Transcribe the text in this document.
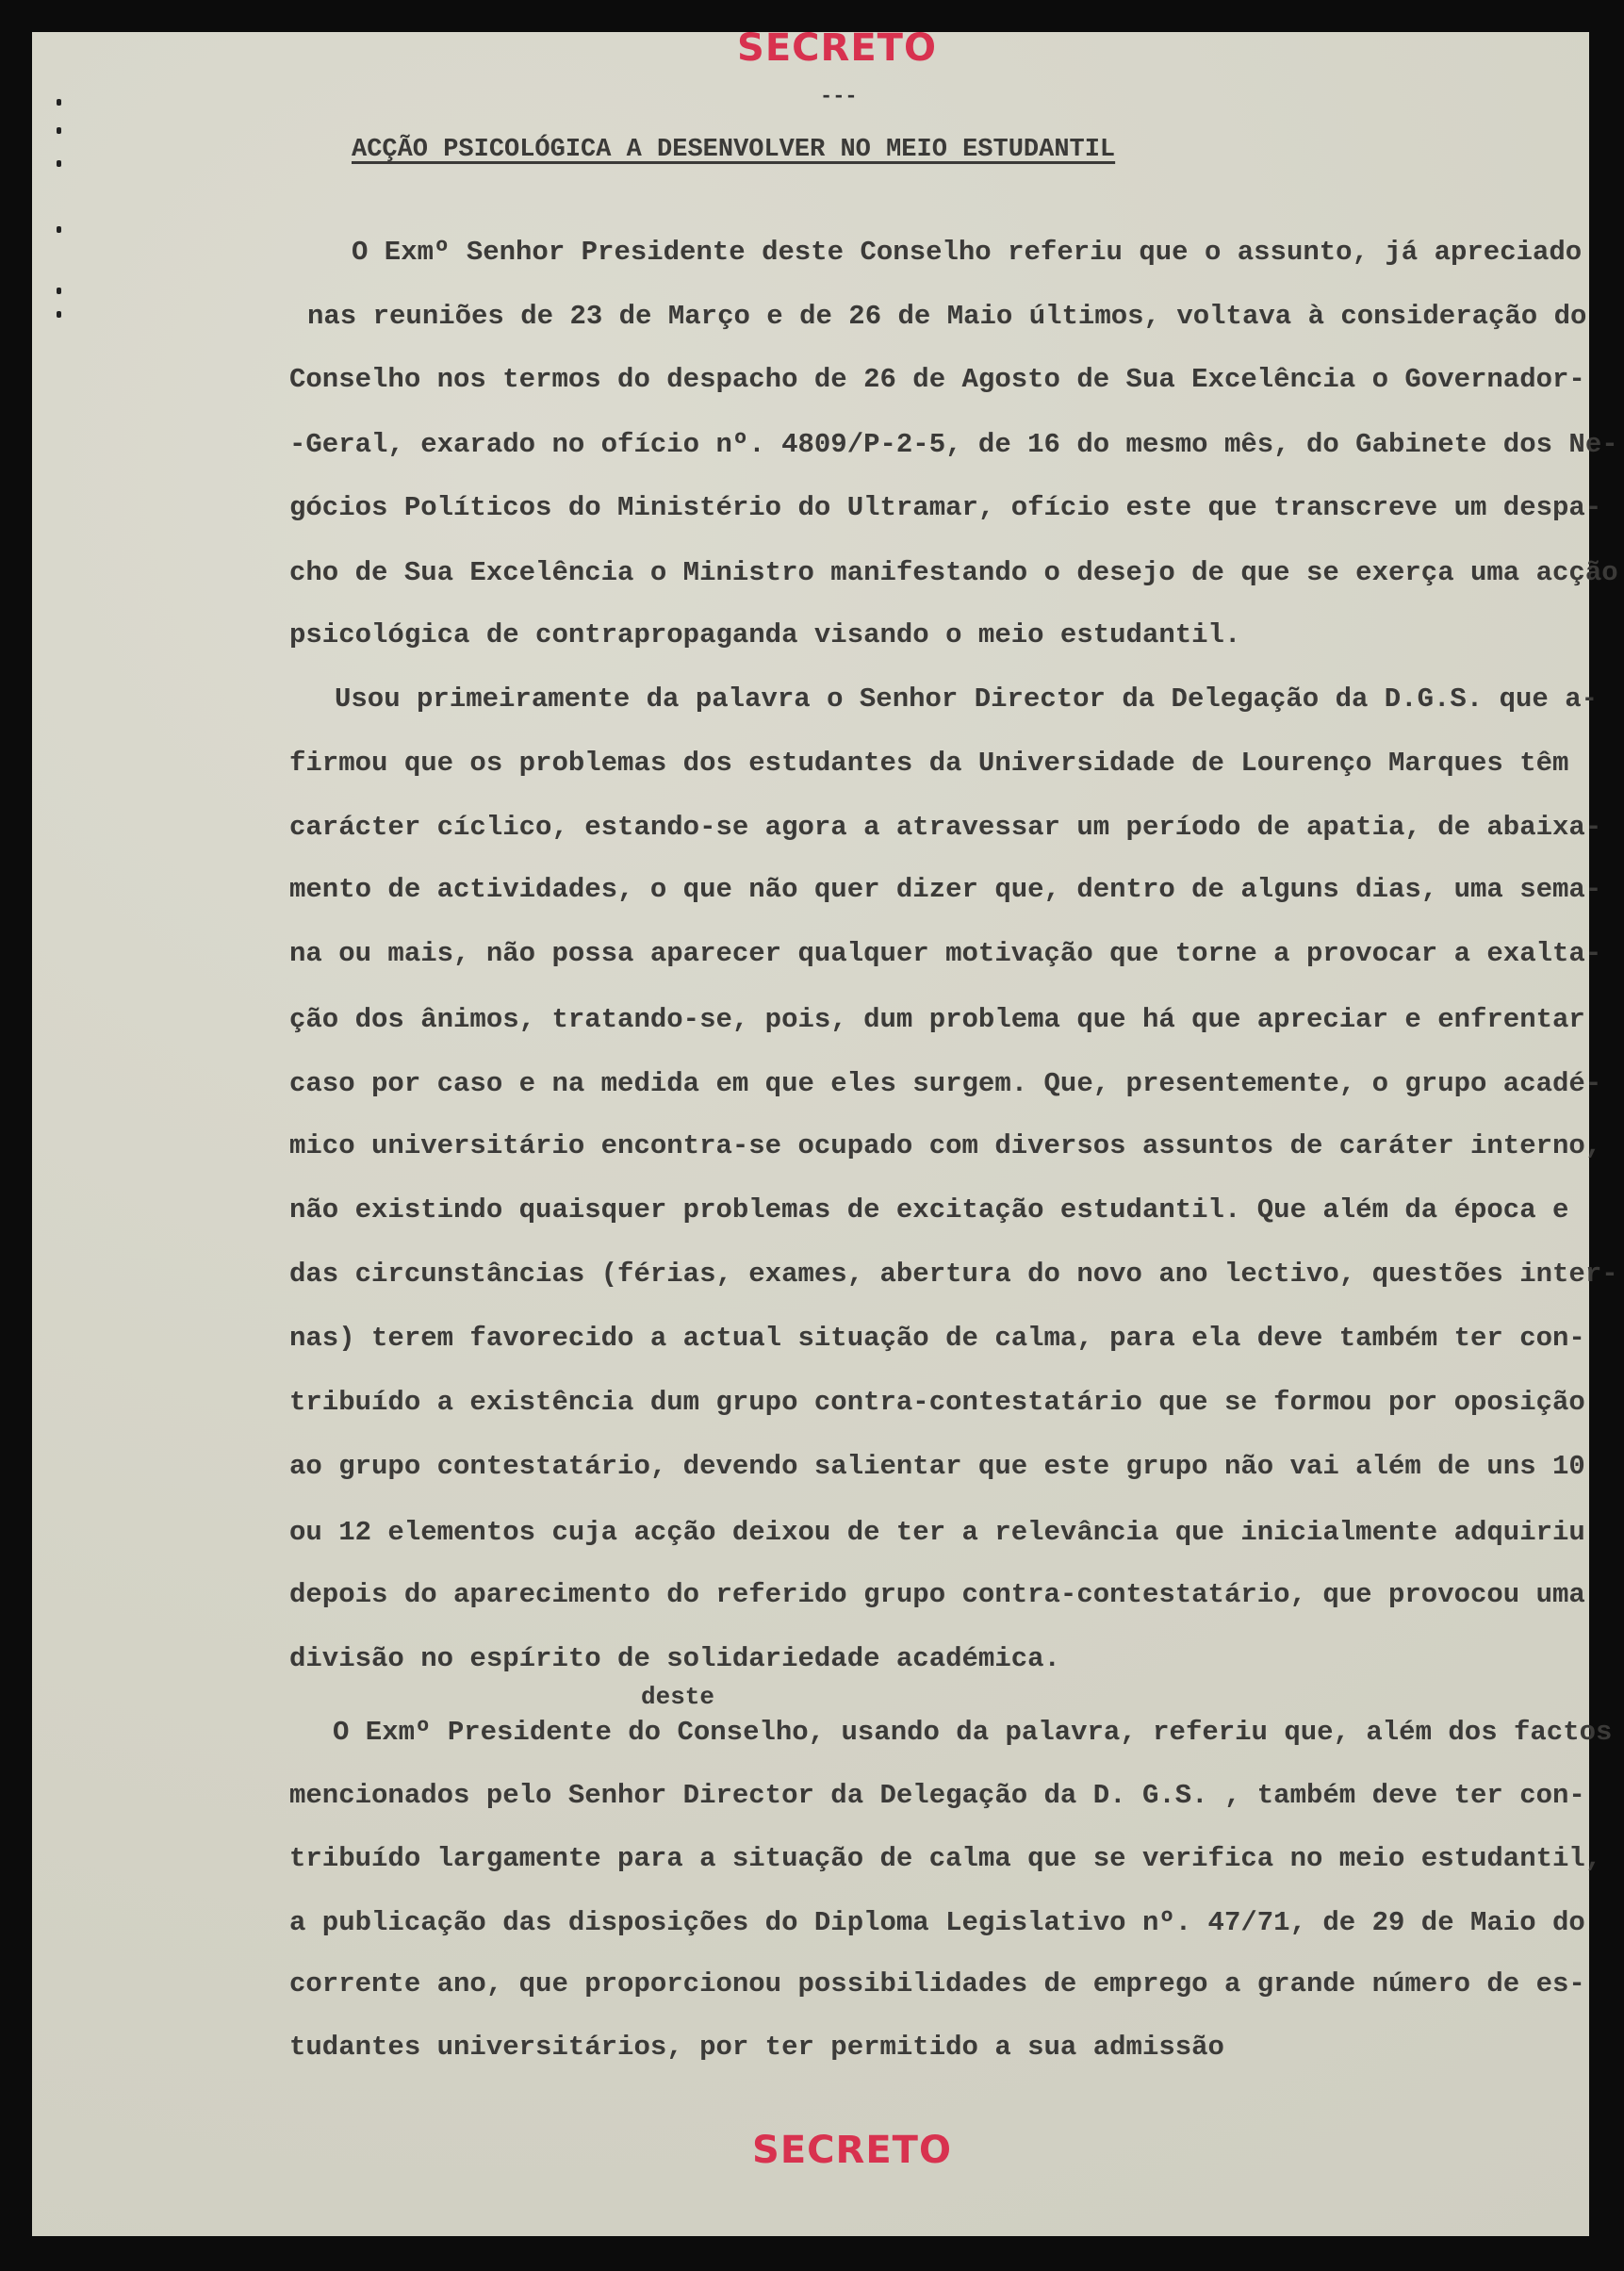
SECRETO
---
ACÇÃO PSICOLÓGICA A DESENVOLVER NO MEIO ESTUDANTIL
deste
O Exmº Senhor Presidente deste Conselho referiu que o assunto, já apreciado
nas reuniões de 23 de Março e de 26 de Maio últimos, voltava à consideração do
Conselho nos termos do despacho de 26 de Agosto de Sua Excelência o Governador-
-Geral, exarado no ofício nº. 4809/P-2-5, de 16 do mesmo mês, do Gabinete dos Ne-
gócios Políticos do Ministério do Ultramar, ofício este que transcreve um despa-
cho de Sua Excelência o Ministro manifestando o desejo de que se exerça uma acção
psicológica de contrapropaganda visando o meio estudantil.
Usou primeiramente da palavra o Senhor Director da Delegação da D.G.S. que a-
firmou que os problemas dos estudantes da Universidade de Lourenço Marques têm
carácter cíclico, estando-se agora a atravessar um período de apatia, de abaixa-
mento de actividades, o que não quer dizer que, dentro de alguns dias, uma sema-
na ou mais, não possa aparecer qualquer motivação que torne a provocar a exalta-
ção dos ânimos, tratando-se, pois, dum problema que há que apreciar e enfrentar
caso por caso e na medida em que eles surgem. Que, presentemente, o grupo acadé-
mico universitário encontra-se ocupado com diversos assuntos de caráter interno,
não existindo quaisquer problemas de excitação estudantil. Que além da época e
das circunstâncias (férias, exames, abertura do novo ano lectivo, questões inter-
nas) terem favorecido a actual situação de calma, para ela deve também ter con-
tribuído a existência dum grupo contra-contestatário que se formou por oposição
ao grupo contestatário, devendo salientar que este grupo não vai além de uns 10
ou 12 elementos cuja acção deixou de ter a relevância que inicialmente adquiriu
depois do aparecimento do referido grupo contra-contestatário, que provocou uma
divisão no espírito de solidariedade académica.
O Exmº Presidente do Conselho, usando da palavra, referiu que, além dos factos
mencionados pelo Senhor Director da Delegação da D. G.S. , também deve ter con-
tribuído largamente para a situação de calma que se verifica no meio estudantil,
a publicação das disposições do Diploma Legislativo nº. 47/71, de 29 de Maio do
corrente ano, que proporcionou possibilidades de emprego a grande número de es-
tudantes universitários, por ter permitido a sua admissão
SECRETO
